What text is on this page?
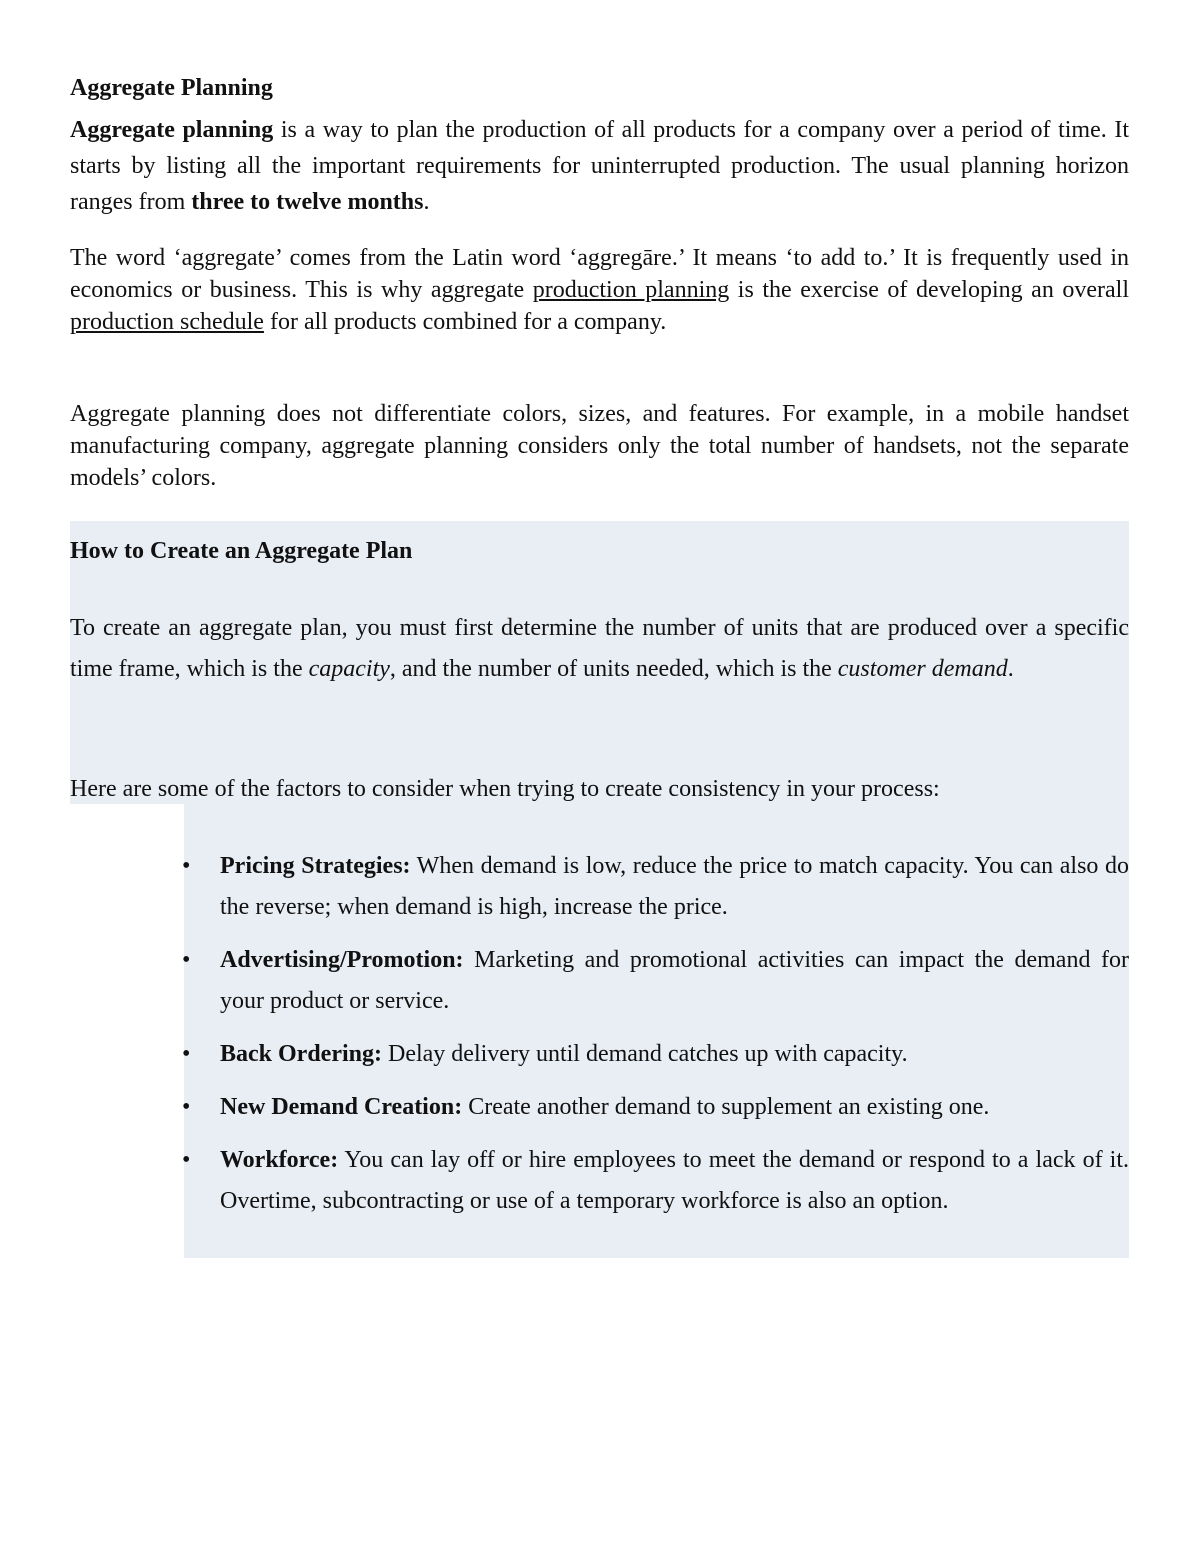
Aggregate Planning

Aggregate planning is a way to plan the production of all products for a company over a period of time. It starts by listing all the important requirements for uninterrupted production. The usual planning horizon ranges from three to twelve months.

The word ‘aggregate’ comes from the Latin word ‘aggregāre.’ It means ‘to add to.’ It is frequently used in economics or business. This is why aggregate production planning is the exercise of developing an overall production schedule for all products combined for a company.

Aggregate planning does not differentiate colors, sizes, and features. For example, in a mobile handset manufacturing company, aggregate planning considers only the total number of handsets, not the separate models’ colors.

How to Create an Aggregate Plan

To create an aggregate plan, you must first determine the number of units that are produced over a specific time frame, which is the capacity, and the number of units needed, which is the customer demand.

Here are some of the factors to consider when trying to create consistency in your process:

• Pricing Strategies: When demand is low, reduce the price to match capacity. You can also do the reverse; when demand is high, increase the price.
• Advertising/Promotion: Marketing and promotional activities can impact the demand for your product or service.
• Back Ordering: Delay delivery until demand catches up with capacity.
• New Demand Creation: Create another demand to supplement an existing one.
• Workforce: You can lay off or hire employees to meet the demand or respond to a lack of it. Overtime, subcontracting or use of a temporary workforce is also an option.
